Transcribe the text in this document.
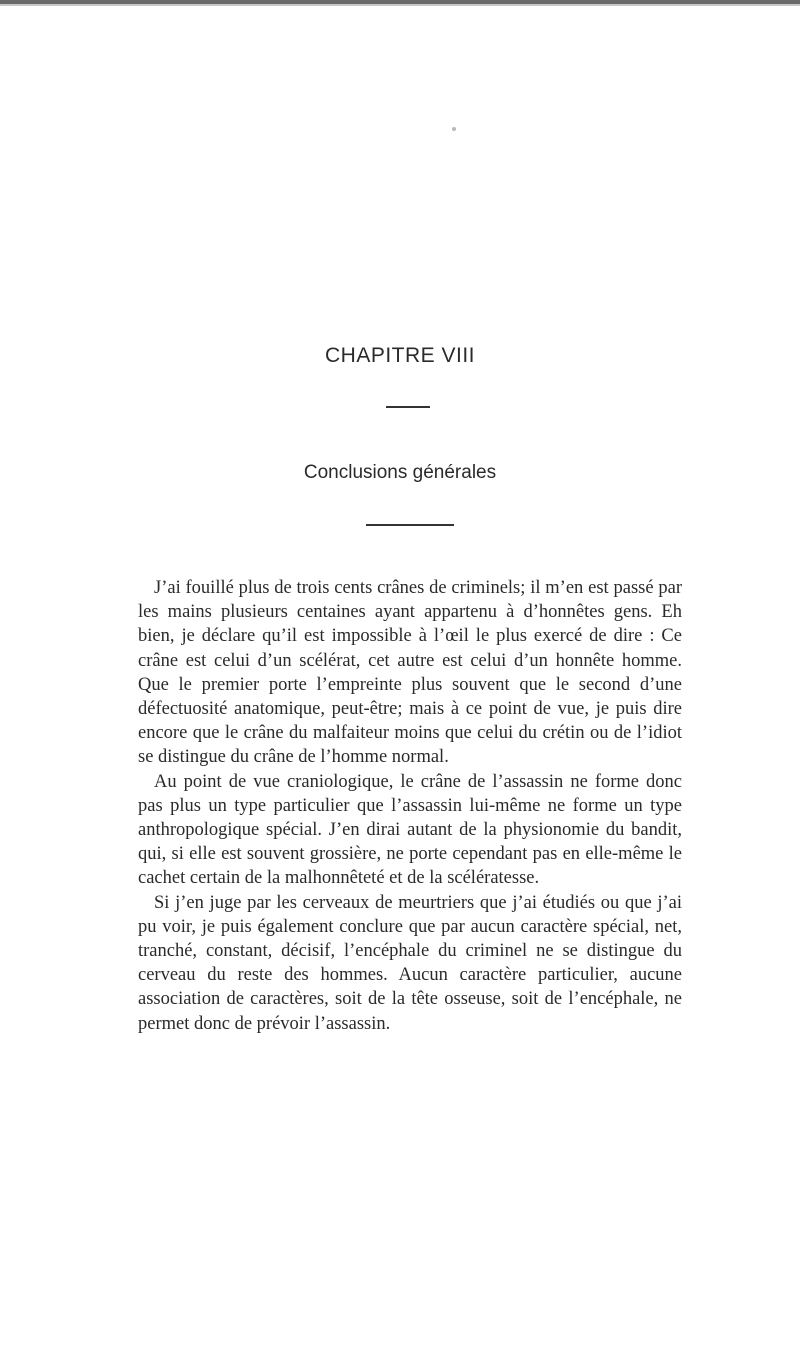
CHAPITRE VIII
Conclusions générales

J’ai fouillé plus de trois cents crânes de criminels; il m’en est passé par les mains plusieurs centaines ayant appartenu à d’honnêtes gens. Eh bien, je déclare qu’il est impossible à l’œil le plus exercé de dire : Ce crâne est celui d’un scélérat, cet autre est celui d’un honnête homme. Que le premier porte l’empreinte plus souvent que le second d’une défectuosité anatomique, peut-être; mais à ce point de vue, je puis dire encore que le crâne du malfaiteur moins que celui du crétin ou de l’idiot se distingue du crâne de l’homme normal.

Au point de vue craniologique, le crâne de l’assassin ne forme donc pas plus un type particulier que l’assassin lui-même ne forme un type anthropologique spécial. J’en dirai autant de la physionomie du bandit, qui, si elle est souvent grossière, ne porte cependant pas en elle-même le cachet certain de la malhonnêteté et de la scélératesse.

Si j’en juge par les cerveaux de meurtriers que j’ai étudiés ou que j’ai pu voir, je puis également conclure que par aucun caractère spécial, net, tranché, constant, décisif, l’encéphale du criminel ne se distingue du cerveau du reste des hommes. Aucun caractère particulier, aucune association de caractères, soit de la tête osseuse, soit de l’encéphale, ne permet donc de prévoir l’assassin.
